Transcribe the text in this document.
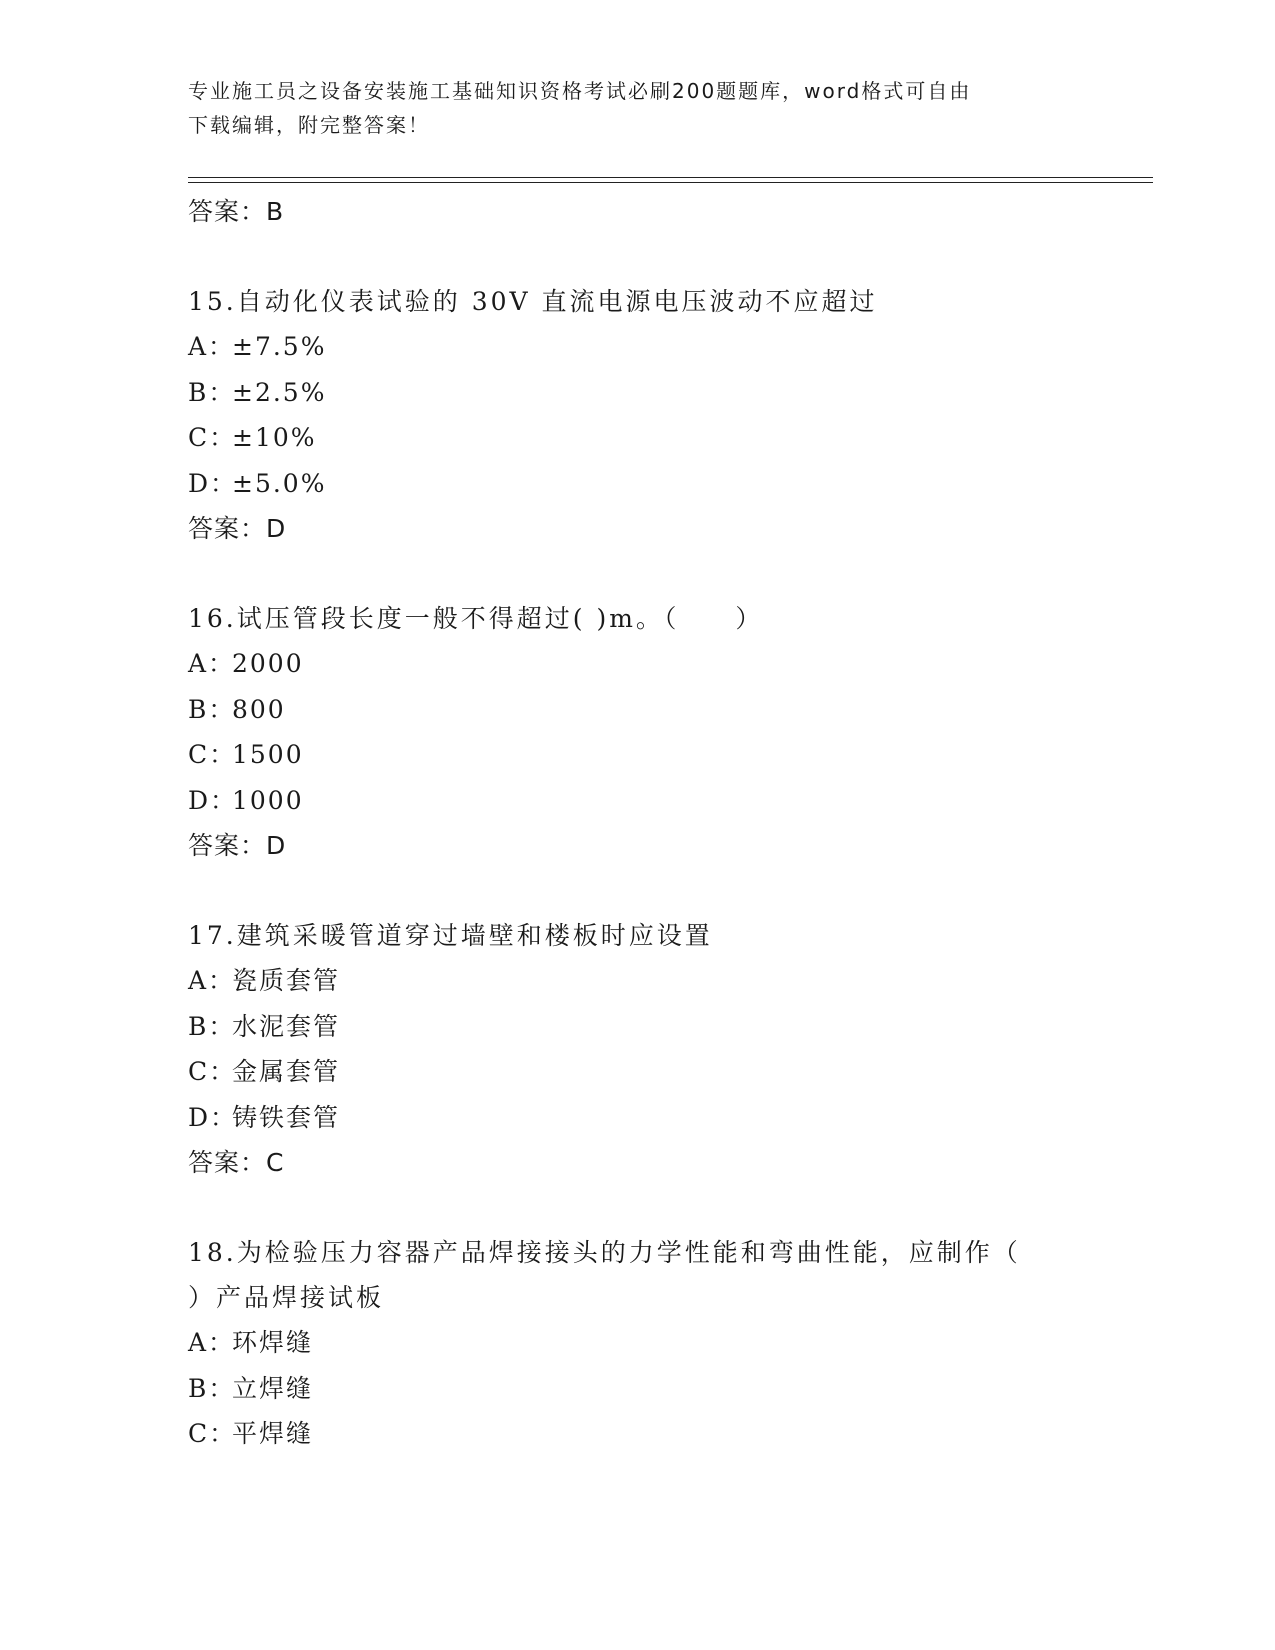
专业施工员之设备安装施工基础知识资格考试必刷200题题库，word格式可自由
下载编辑，附完整答案！
答案：B
15.自动化仪表试验的 30V 直流电源电压波动不应超过
A：±7.5%
B：±2.5%
C：±10%
D：±5.0%
答案：D
16.试压管段长度一般不得超过( )m。（　　）
A：2000
B：800
C：1500
D：1000
答案：D
17.建筑采暖管道穿过墙壁和楼板时应设置
A：瓷质套管
B：水泥套管
C：金属套管
D：铸铁套管
答案：C
18.为检验压力容器产品焊接接头的力学性能和弯曲性能，应制作（
）产品焊接试板
A：环焊缝
B：立焊缝
C：平焊缝
